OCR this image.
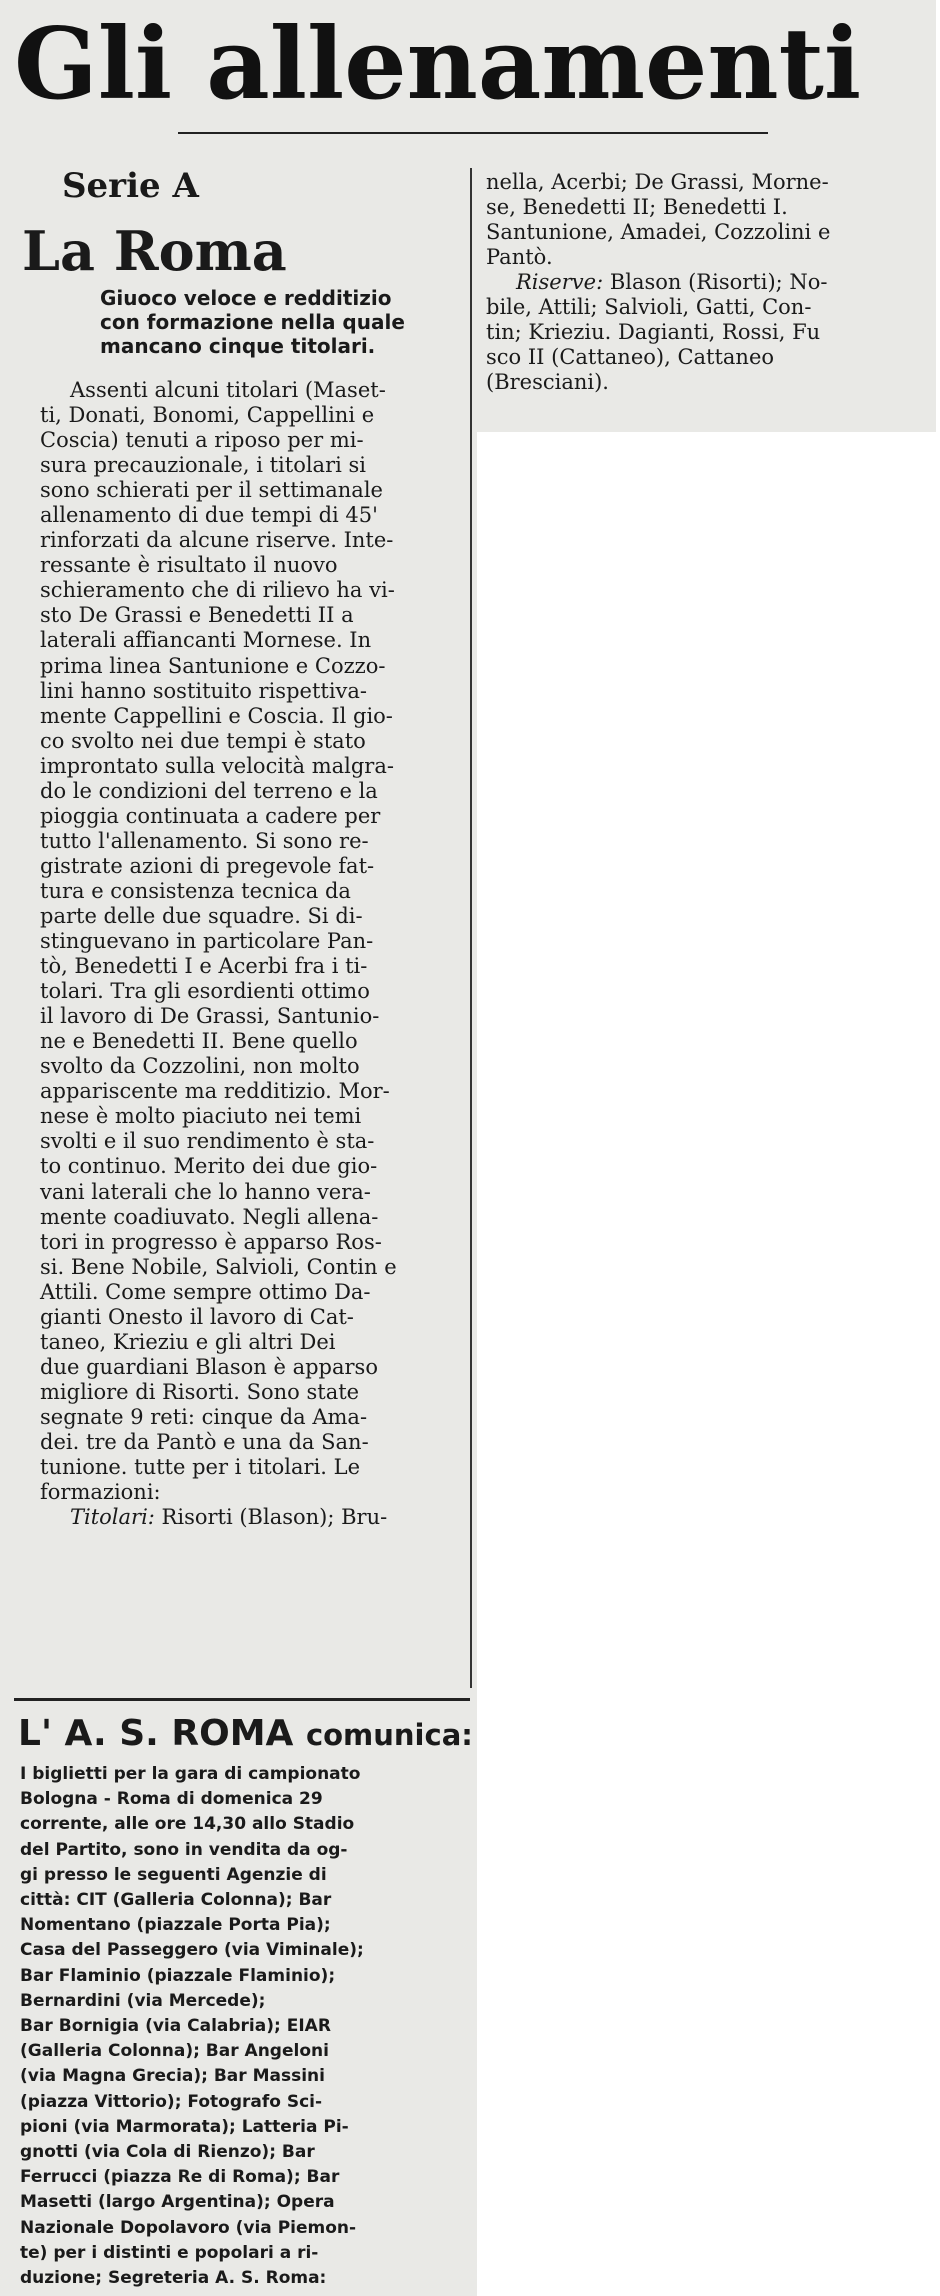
Gli allenamenti
Serie A
La Roma
Giuoco veloce e redditizio
con formazione nella quale
mancano cinque titolari.
Assenti alcuni titolari (Maset-
ti, Donati, Bonomi, Cappellini e
Coscia) tenuti a riposo per mi-
sura precauzionale, i titolari si
sono schierati per il settimanale
allenamento di due tempi di 45'
rinforzati da alcune riserve. Inte-
ressante è risultato il nuovo
schieramento che di rilievo ha vi-
sto De Grassi e Benedetti II a
laterali affiancanti Mornese. In
prima linea Santunione e Cozzo-
lini hanno sostituito rispettiva-
mente Cappellini e Coscia. Il gio-
co svolto nei due tempi è stato
improntato sulla velocità malgra-
do le condizioni del terreno e la
pioggia continuata a cadere per
tutto l'allenamento. Si sono re-
gistrate azioni di pregevole fat-
tura e consistenza tecnica da
parte delle due squadre. Si di-
stinguevano in particolare Pan-
tò, Benedetti I e Acerbi fra i ti-
tolari. Tra gli esordienti ottimo
il lavoro di De Grassi, Santunio-
ne e Benedetti II. Bene quello
svolto da Cozzolini, non molto
appariscente ma redditizio. Mor-
nese è molto piaciuto nei temi
svolti e il suo rendimento è sta-
to continuo. Merito dei due gio-
vani laterali che lo hanno vera-
mente coadiuvato. Negli allena-
tori in progresso è apparso Ros-
si. Bene Nobile, Salvioli, Contin e
Attili. Come sempre ottimo Da-
gianti Onesto il lavoro di Cat-
taneo, Krieziu e gli altri Dei
due guardiani Blason è apparso
migliore di Risorti. Sono state
segnate 9 reti: cinque da Ama-
dei. tre da Pantò e una da San-
tunione. tutte per i titolari. Le
formazioni:
Titolari: Risorti (Blason); Bru-
nella, Acerbi; De Grassi, Morne-
se, Benedetti II; Benedetti I.
Santunione, Amadei, Cozzolini e
Pantò.
Riserve: Blason (Risorti); No-
bile, Attili; Salvioli, Gatti, Con-
tin; Krieziu. Dagianti, Rossi, Fu
sco II (Cattaneo), Cattaneo
(Bresciani).
L' A. S. ROMA comunica:
I biglietti per la gara di campionato
Bologna - Roma di domenica 29
corrente, alle ore 14,30 allo Stadio
del Partito, sono in vendita da og-
gi presso le seguenti Agenzie di
città: CIT (Galleria Colonna); Bar
Nomentano (piazzale Porta Pia);
Casa del Passeggero (via Viminale);
Bar Flaminio (piazzale Flaminio);
Bernardini (via Mercede);
Bar Bornigia (via Calabria); EIAR
(Galleria Colonna); Bar Angeloni
(via Magna Grecia); Bar Massini
(piazza Vittorio); Fotografo Sci-
pioni (via Marmorata); Latteria Pi-
gnotti (via Cola di Rienzo); Bar
Ferrucci (piazza Re di Roma); Bar
Masetti (largo Argentina); Opera
Nazionale Dopolavoro (via Piemon-
te) per i distinti e popolari a ri-
duzione; Segreteria A. S. Roma:
